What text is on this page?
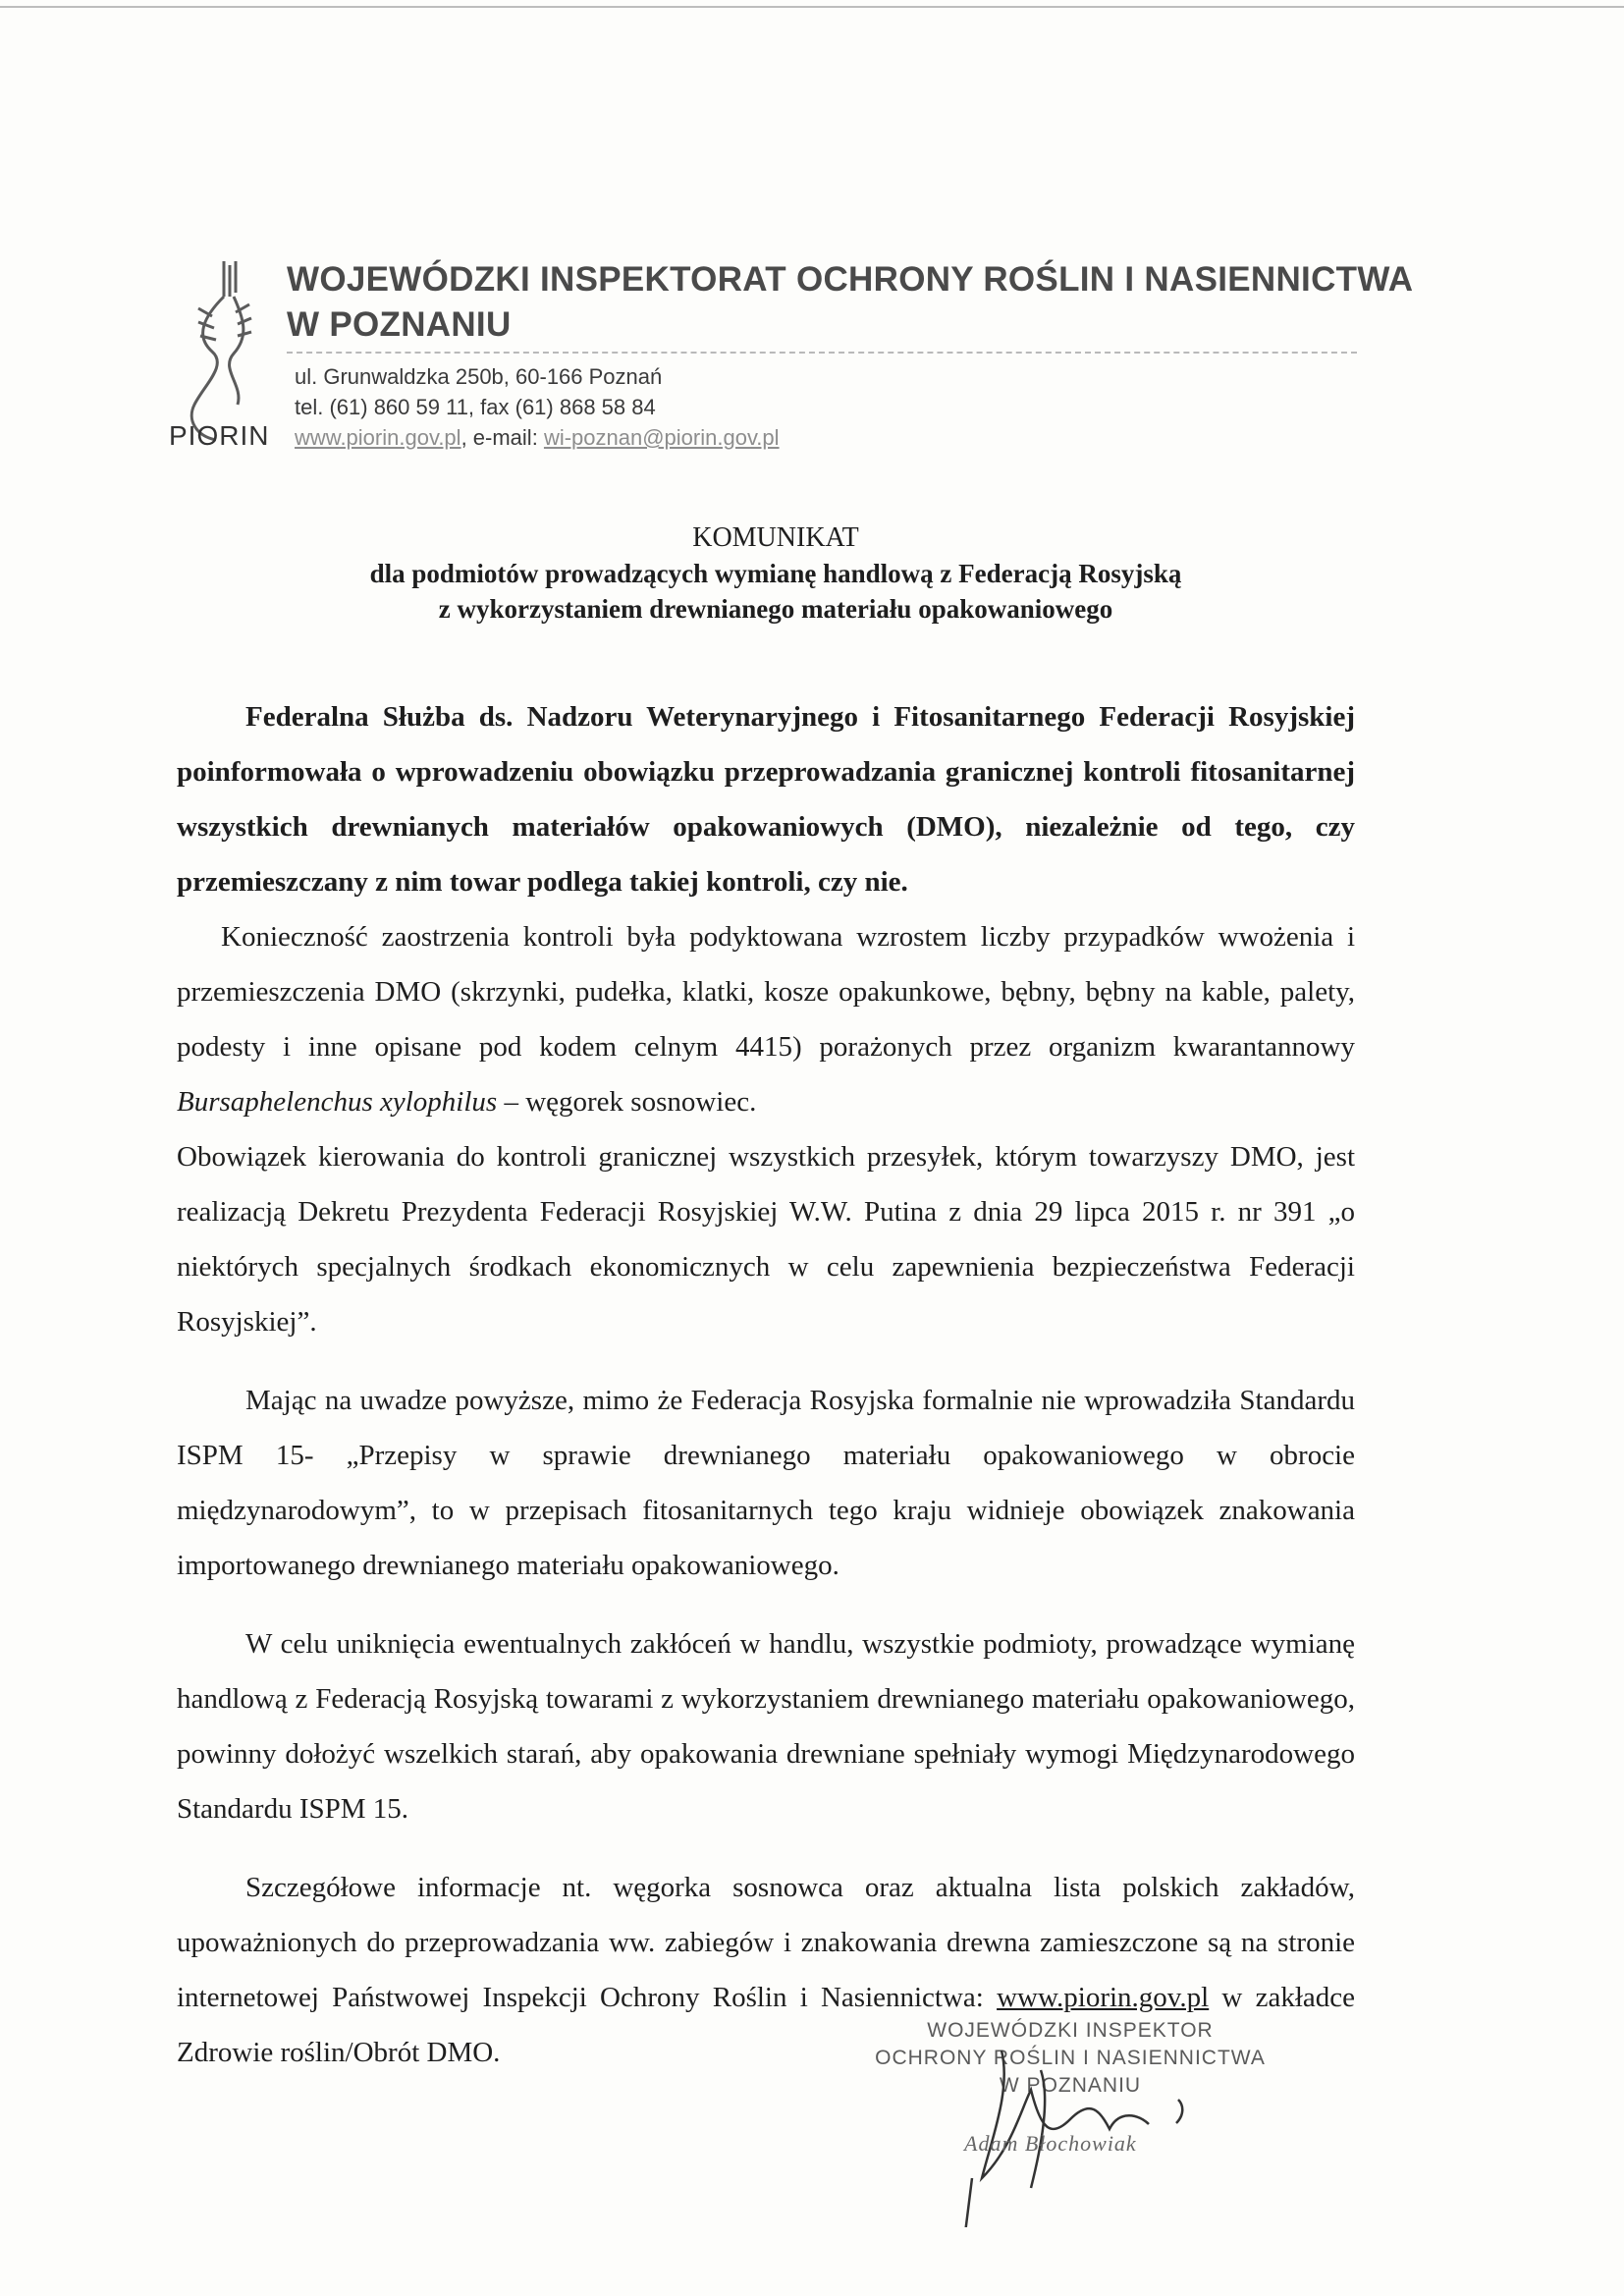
PIORIN
WOJEWÓDZKI INSPEKTORAT OCHRONY ROŚLIN I NASIENNICTWA
W POZNANIU
ul. Grunwaldzka 250b, 60-166 Poznań
tel. (61) 860 59 11, fax (61) 868 58 84
www.piorin.gov.pl, e-mail: wi-poznan@piorin.gov.pl
KOMUNIKAT
dla podmiotów prowadzących wymianę handlową z Federacją Rosyjską
z wykorzystaniem drewnianego materiału opakowaniowego

Federalna Służba ds. Nadzoru Weterynaryjnego i Fitosanitarnego Federacji Rosyjskiej poinformowała o wprowadzeniu obowiązku przeprowadzania granicznej kontroli fitosanitarnej wszystkich drewnianych materiałów opakowaniowych (DMO), niezależnie od tego, czy przemieszczany z nim towar podlega takiej kontroli, czy nie.

Konieczność zaostrzenia kontroli była podyktowana wzrostem liczby przypadków wwożenia i przemieszczenia DMO (skrzynki, pudełka, klatki, kosze opakunkowe, bębny, bębny na kable, palety, podesty i inne opisane pod kodem celnym 4415) porażonych przez organizm kwarantannowy Bursaphelenchus xylophilus – węgorek sosnowiec.

Obowiązek kierowania do kontroli granicznej wszystkich przesyłek, którym towarzyszy DMO, jest realizacją Dekretu Prezydenta Federacji Rosyjskiej W.W. Putina z dnia 29 lipca 2015 r. nr 391 „o niektórych specjalnych środkach ekonomicznych w celu zapewnienia bezpieczeństwa Federacji Rosyjskiej”.

Mając na uwadze powyższe, mimo że Federacja Rosyjska formalnie nie wprowadziła Standardu ISPM 15- „Przepisy w sprawie drewnianego materiału opakowaniowego w obrocie międzynarodowym”, to w przepisach fitosanitarnych tego kraju widnieje obowiązek znakowania importowanego drewnianego materiału opakowaniowego.

W celu uniknięcia ewentualnych zakłóceń w handlu, wszystkie podmioty, prowadzące wymianę handlową z Federacją Rosyjską towarami z wykorzystaniem drewnianego materiału opakowaniowego, powinny dołożyć wszelkich starań, aby opakowania drewniane spełniały wymogi Międzynarodowego Standardu ISPM 15.

Szczegółowe informacje nt. węgorka sosnowca oraz aktualna lista polskich zakładów, upoważnionych do przeprowadzania ww. zabiegów i znakowania drewna zamieszczone są na stronie internetowej Państwowej Inspekcji Ochrony Roślin i Nasiennictwa: www.piorin.gov.pl w zakładce Zdrowie roślin/Obrót DMO.

WOJEWÓDZKI INSPEKTOR
OCHRONY ROŚLIN I NASIENNICTWA
W POZNANIU
Adam Błochowiak
